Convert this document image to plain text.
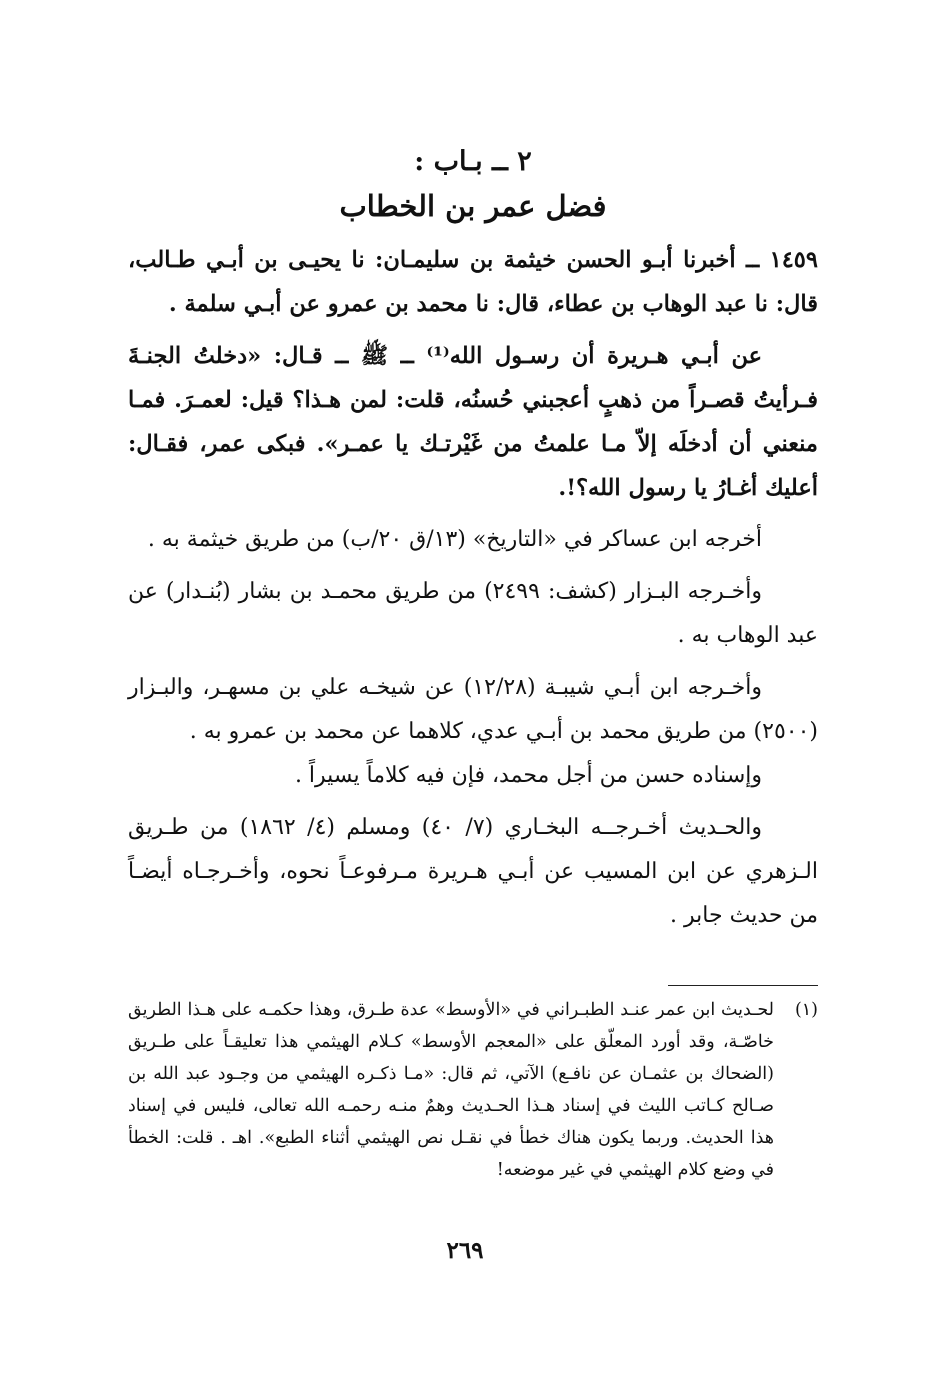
٢ ــ بـاب :
فضل عمر بن الخطاب

١٤٥٩ ــ أخبرنا أبـو الحسن خيثمة بن سليمـان: نا يحيـى بن أبـي طـالب، قال: نا عبد الوهاب بن عطاء، قال: نا محمد بن عمرو عن أبـي سلمة .

عن أبـي هـريرة أن رسـول الله⁽¹⁾ ــ ﷺ ــ قـال: «دخلتُ الجنـةَ فـرأيتُ قصـراً من ذهبٍ أعجبني حُسنُه، قلت: لمن هـذا؟ قيل: لعمـرَ. فمـا منعني أن أدخلَه إلاّ مـا علمتُ من غَيْرتـك يا عمـر». فبكى عمر، فقـال: أعليك أغـارُ يا رسول الله؟!.

أخرجه ابن عساكر في «التاريخ» (١٣/ق ٢٠/ب) من طريق خيثمة به .

وأخـرجه البـزار (كشف: ٢٤٩٩) من طريق محمـد بن بشار (بُنـدار) عن عبد الوهاب به .

وأخـرجه ابن أبـي شيبـة (١٢/٢٨) عن شيخـه علي بن مسهـر، والبـزار (٢٥٠٠) من طريق محمد بن أبـي عدي، كلاهما عن محمد بن عمرو به .

وإسناده حسن من أجل محمد، فإن فيه كلاماً يسيراً .

والحـديث أخـرجــه البخـاري (٧/ ٤٠) ومسلم (٤/ ١٨٦٢) من طـريق الـزهري عن ابن المسيب عن أبـي هـريرة مـرفوعـاً نحوه، وأخـرجـاه أيضـاً من حديث جابر .

(١)
لحـديث ابن عمر عنـد الطبـراني في «الأوسط» عدة طـرق، وهذا حكمـه على هـذا الطريق خاصّـة، وقد أورد المعلّق على «المعجم الأوسط» كـلام الهيثمي هذا تعليقـاً على طـريق (الضحاك بن عثمـان عن نافـع) الآتي، ثم قال: «مـا ذكـره الهيثمي من وجـود عبد الله بن صـالح كـاتب الليث في إسناد هـذا الحـديث وهمٌ منـه رحمـه الله تعالى، فليس في إسناد هذا الحديث. وربما يكون هناك خطأ في نقـل نص الهيثمي أثناء الطبع». اهـ . قلت: الخطأ في وضع كلام الهيثمي في غير موضعه!
٢٦٩
